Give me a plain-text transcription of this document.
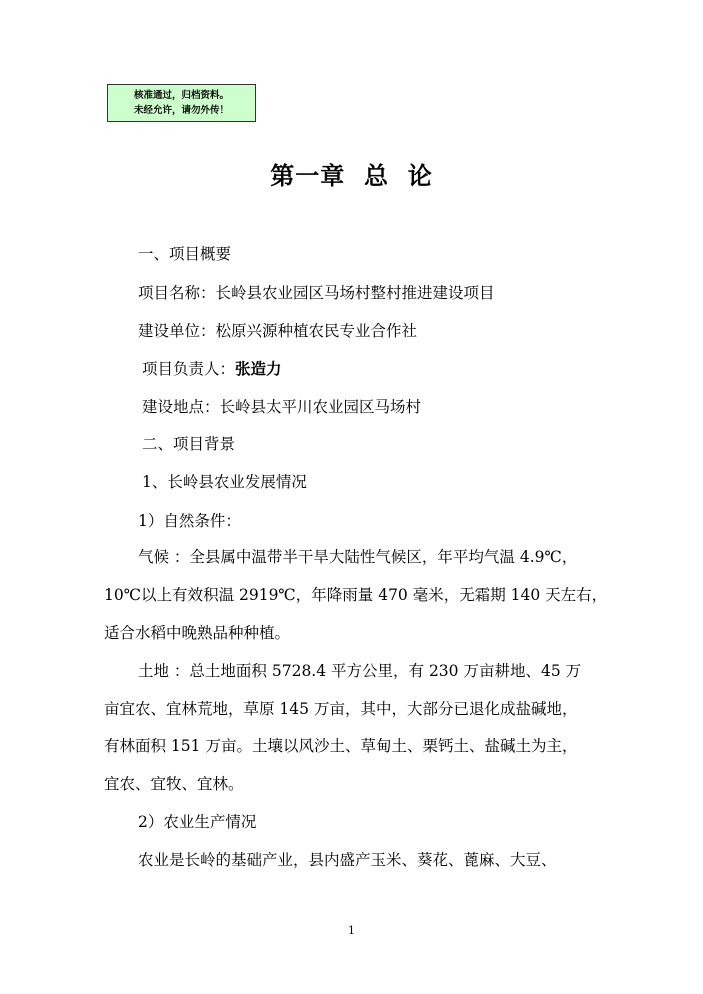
核准通过，归档资料。
未经允许，请勿外传！
第一章  总  论
一、项目概要
项目名称：长岭县农业园区马场村整村推进建设项目
建设单位：松原兴源种植农民专业合作社
项目负责人：张造力
建设地点：长岭县太平川农业园区马场村
二、项目背景
1、长岭县农业发展情况
1）自然条件：
气候 ：全县属中温带半干旱大陆性气候区，年平均气温 4.9℃，
10℃以上有效积温 2919℃，年降雨量 470 毫米，无霜期 140 天左右，
适合水稻中晚熟品种种植。
土地 ：总土地面积 5728.4 平方公里，有 230 万亩耕地、45 万
亩宜农、宜林荒地，草原 145 万亩，其中，大部分已退化成盐碱地，
有林面积 151 万亩。土壤以风沙土、草甸土、栗钙土、盐碱土为主，
宜农、宜牧、宜林。
2）农业生产情况
农业是长岭的基础产业，县内盛产玉米、葵花、蓖麻、大豆、
1
